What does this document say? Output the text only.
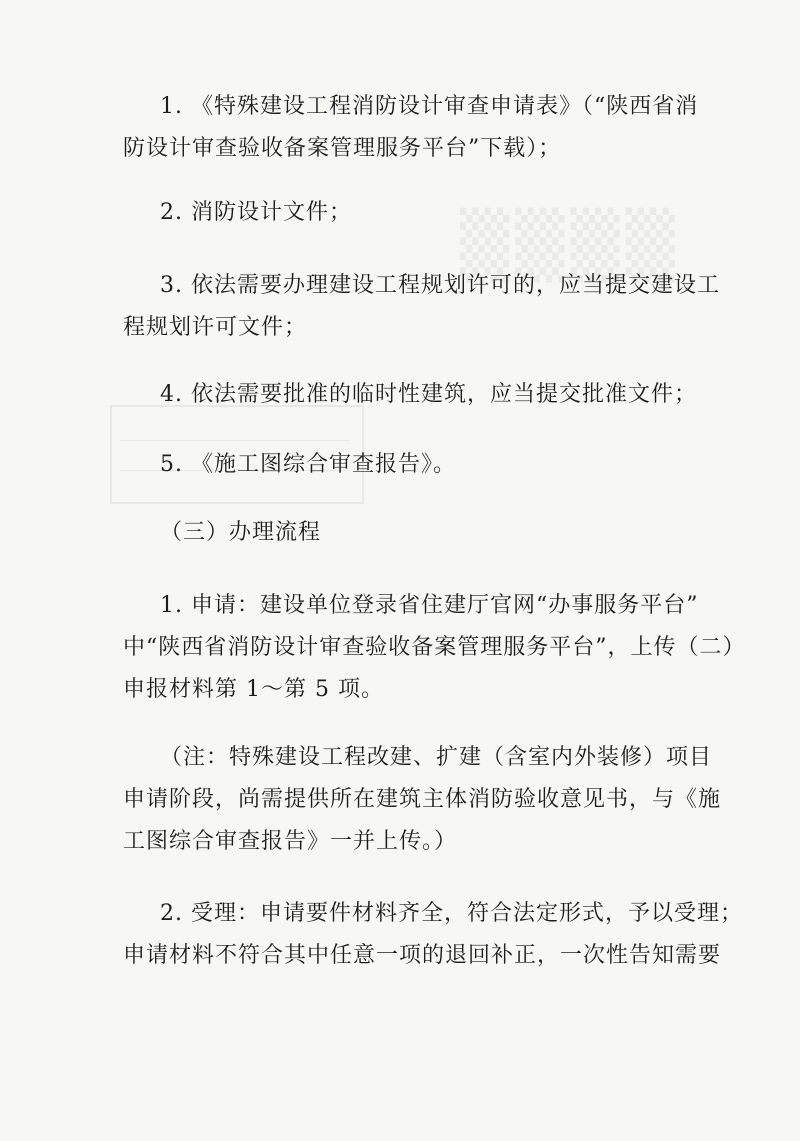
▒▒▒▒
1. 《特殊建设工程消防设计审查申请表》（“陕西省消
防设计审查验收备案管理服务平台”下载）；
2. 消防设计文件；
3. 依法需要办理建设工程规划许可的，应当提交建设工
程规划许可文件；
4. 依法需要批准的临时性建筑，应当提交批准文件；
5. 《施工图综合审查报告》。
（三）办理流程
1. 申请：建设单位登录省住建厅官网“办事服务平台”
中“陕西省消防设计审查验收备案管理服务平台”，上传（二）
申报材料第 1～第 5 项。
（注：特殊建设工程改建、扩建（含室内外装修）项目
申请阶段，尚需提供所在建筑主体消防验收意见书，与《施
工图综合审查报告》一并上传。）
2. 受理：申请要件材料齐全，符合法定形式，予以受理；
申请材料不符合其中任意一项的退回补正，一次性告知需要
